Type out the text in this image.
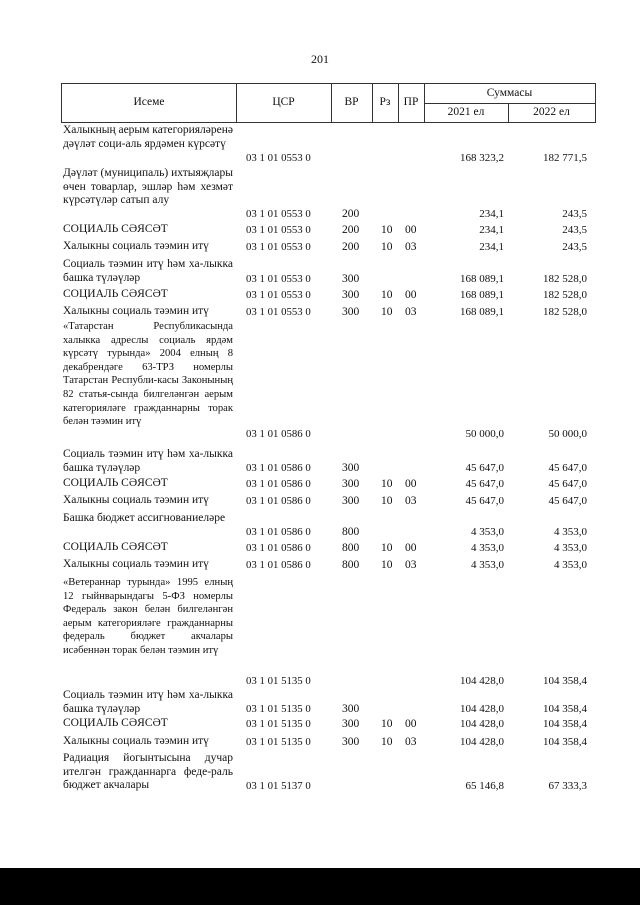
201
Исеме	ЦСР	ВР	Рз	ПР
Суммасы
2021 ел	2022 ел
Халыкның аерым категорияләренә дәүләт соци-аль ярдәмен күрсәтү
03 1 01 0553 0	168 323,2	182 771,5
Дәүләт (муниципаль) ихтыяҗлары өчен товарлар, эшләр һәм хезмәт күрсәтүләр сатып алу
03 1 01 0553 0	200	234,1	243,5
СОЦИАЛЬ СӘЯСӘТ	03 1 01 0553 0	200 10 00	234,1	243,5
Халыкны социаль тәэмин итү	03 1 01 0553 0	200 10 03	234,1	243,5
Социаль тәэмин итү һәм ха-лыкка башка түләүләр	03 1 01 0553 0	300	168 089,1	182 528,0
СОЦИАЛЬ СӘЯСӘТ	03 1 01 0553 0	300 10 00	168 089,1	182 528,0
Халыкны социаль тәэмин итү	03 1 01 0553 0	300 10 03	168 089,1	182 528,0
«Татарстан Республикасында халыкка адреслы социаль ярдәм күрсәтү турында» 2004 елның 8 декабрендәге 63-ТРЗ номерлы Татарстан Республи-касы Законының 82 статья-сында билгеләнгән аерым категорияләге гражданнарны торак белән тәэмин итү
03 1 01 0586 0	50 000,0	50 000,0
Социаль тәэмин итү һәм ха-лыкка башка түләүләр	03 1 01 0586 0	300	45 647,0	45 647,0
СОЦИАЛЬ СӘЯСӘТ	03 1 01 0586 0	300 10 00	45 647,0	45 647,0
Халыкны социаль тәэмин итү	03 1 01 0586 0	300 10 03	45 647,0	45 647,0
Башка бюджет ассигнованиеләре
03 1 01 0586 0	800	4 353,0	4 353,0
СОЦИАЛЬ СӘЯСӘТ	03 1 01 0586 0	800 10 00	4 353,0	4 353,0
Халыкны социаль тәэмин итү	03 1 01 0586 0	800 10 03	4 353,0	4 353,0
«Ветераннар турында» 1995 елның 12 гыйнварындагы 5-ФЗ номерлы Федераль закон белән билгеләнгән аерым категорияләге гражданнарны федераль бюджет акчалары исәбеннән торак белән тәэмин итү
03 1 01 5135 0	104 428,0	104 358,4
Социаль тәэмин итү һәм ха-лыкка башка түләүләр	03 1 01 5135 0	300	104 428,0	104 358,4
СОЦИАЛЬ СӘЯСӘТ	03 1 01 5135 0	300 10 00	104 428,0	104 358,4
Халыкны социаль тәэмин итү	03 1 01 5135 0	300 10 03	104 428,0	104 358,4
Радиация йогынтысына дучар ителгән гражданнарга феде-раль бюджет акчалары	03 1 01 5137 0	65 146,8	67 333,3
